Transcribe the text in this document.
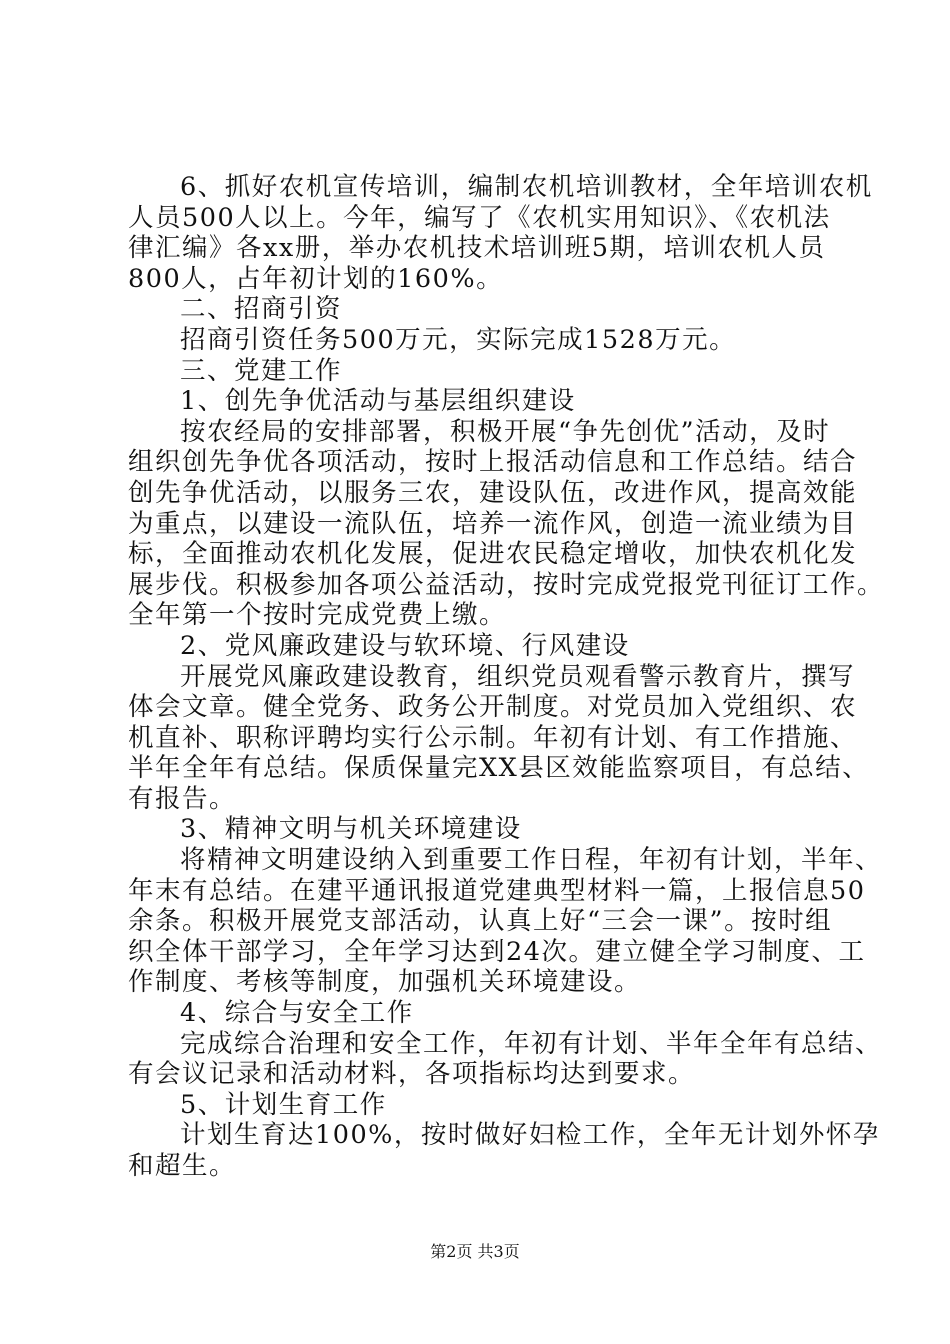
6、抓好农机宣传培训，编制农机培训教材，全年培训农机
人员500人以上。今年，编写了《农机实用知识》、《农机法
律汇编》各xx册，举办农机技术培训班5期，培训农机人员
800人，占年初计划的160%。
二、招商引资
招商引资任务500万元，实际完成1528万元。
三、党建工作
1、创先争优活动与基层组织建设
按农经局的安排部署，积极开展“争先创优”活动，及时
组织创先争优各项活动，按时上报活动信息和工作总结。结合
创先争优活动，以服务三农，建设队伍，改进作风，提高效能
为重点，以建设一流队伍，培养一流作风，创造一流业绩为目
标，全面推动农机化发展，促进农民稳定增收，加快农机化发
展步伐。积极参加各项公益活动，按时完成党报党刊征订工作。
全年第一个按时完成党费上缴。
2、党风廉政建设与软环境、行风建设
开展党风廉政建设教育，组织党员观看警示教育片，撰写
体会文章。健全党务、政务公开制度。对党员加入党组织、农
机直补、职称评聘均实行公示制。年初有计划、有工作措施、
半年全年有总结。保质保量完XX县区效能监察项目，有总结、
有报告。
3、精神文明与机关环境建设
将精神文明建设纳入到重要工作日程，年初有计划，半年、
年末有总结。在建平通讯报道党建典型材料一篇，上报信息50
余条。积极开展党支部活动，认真上好“三会一课”。按时组
织全体干部学习，全年学习达到24次。建立健全学习制度、工
作制度、考核等制度，加强机关环境建设。
4、综合与安全工作
完成综合治理和安全工作，年初有计划、半年全年有总结、
有会议记录和活动材料，各项指标均达到要求。
5、计划生育工作
计划生育达100%，按时做好妇检工作，全年无计划外怀孕
和超生。
第2页 共3页
